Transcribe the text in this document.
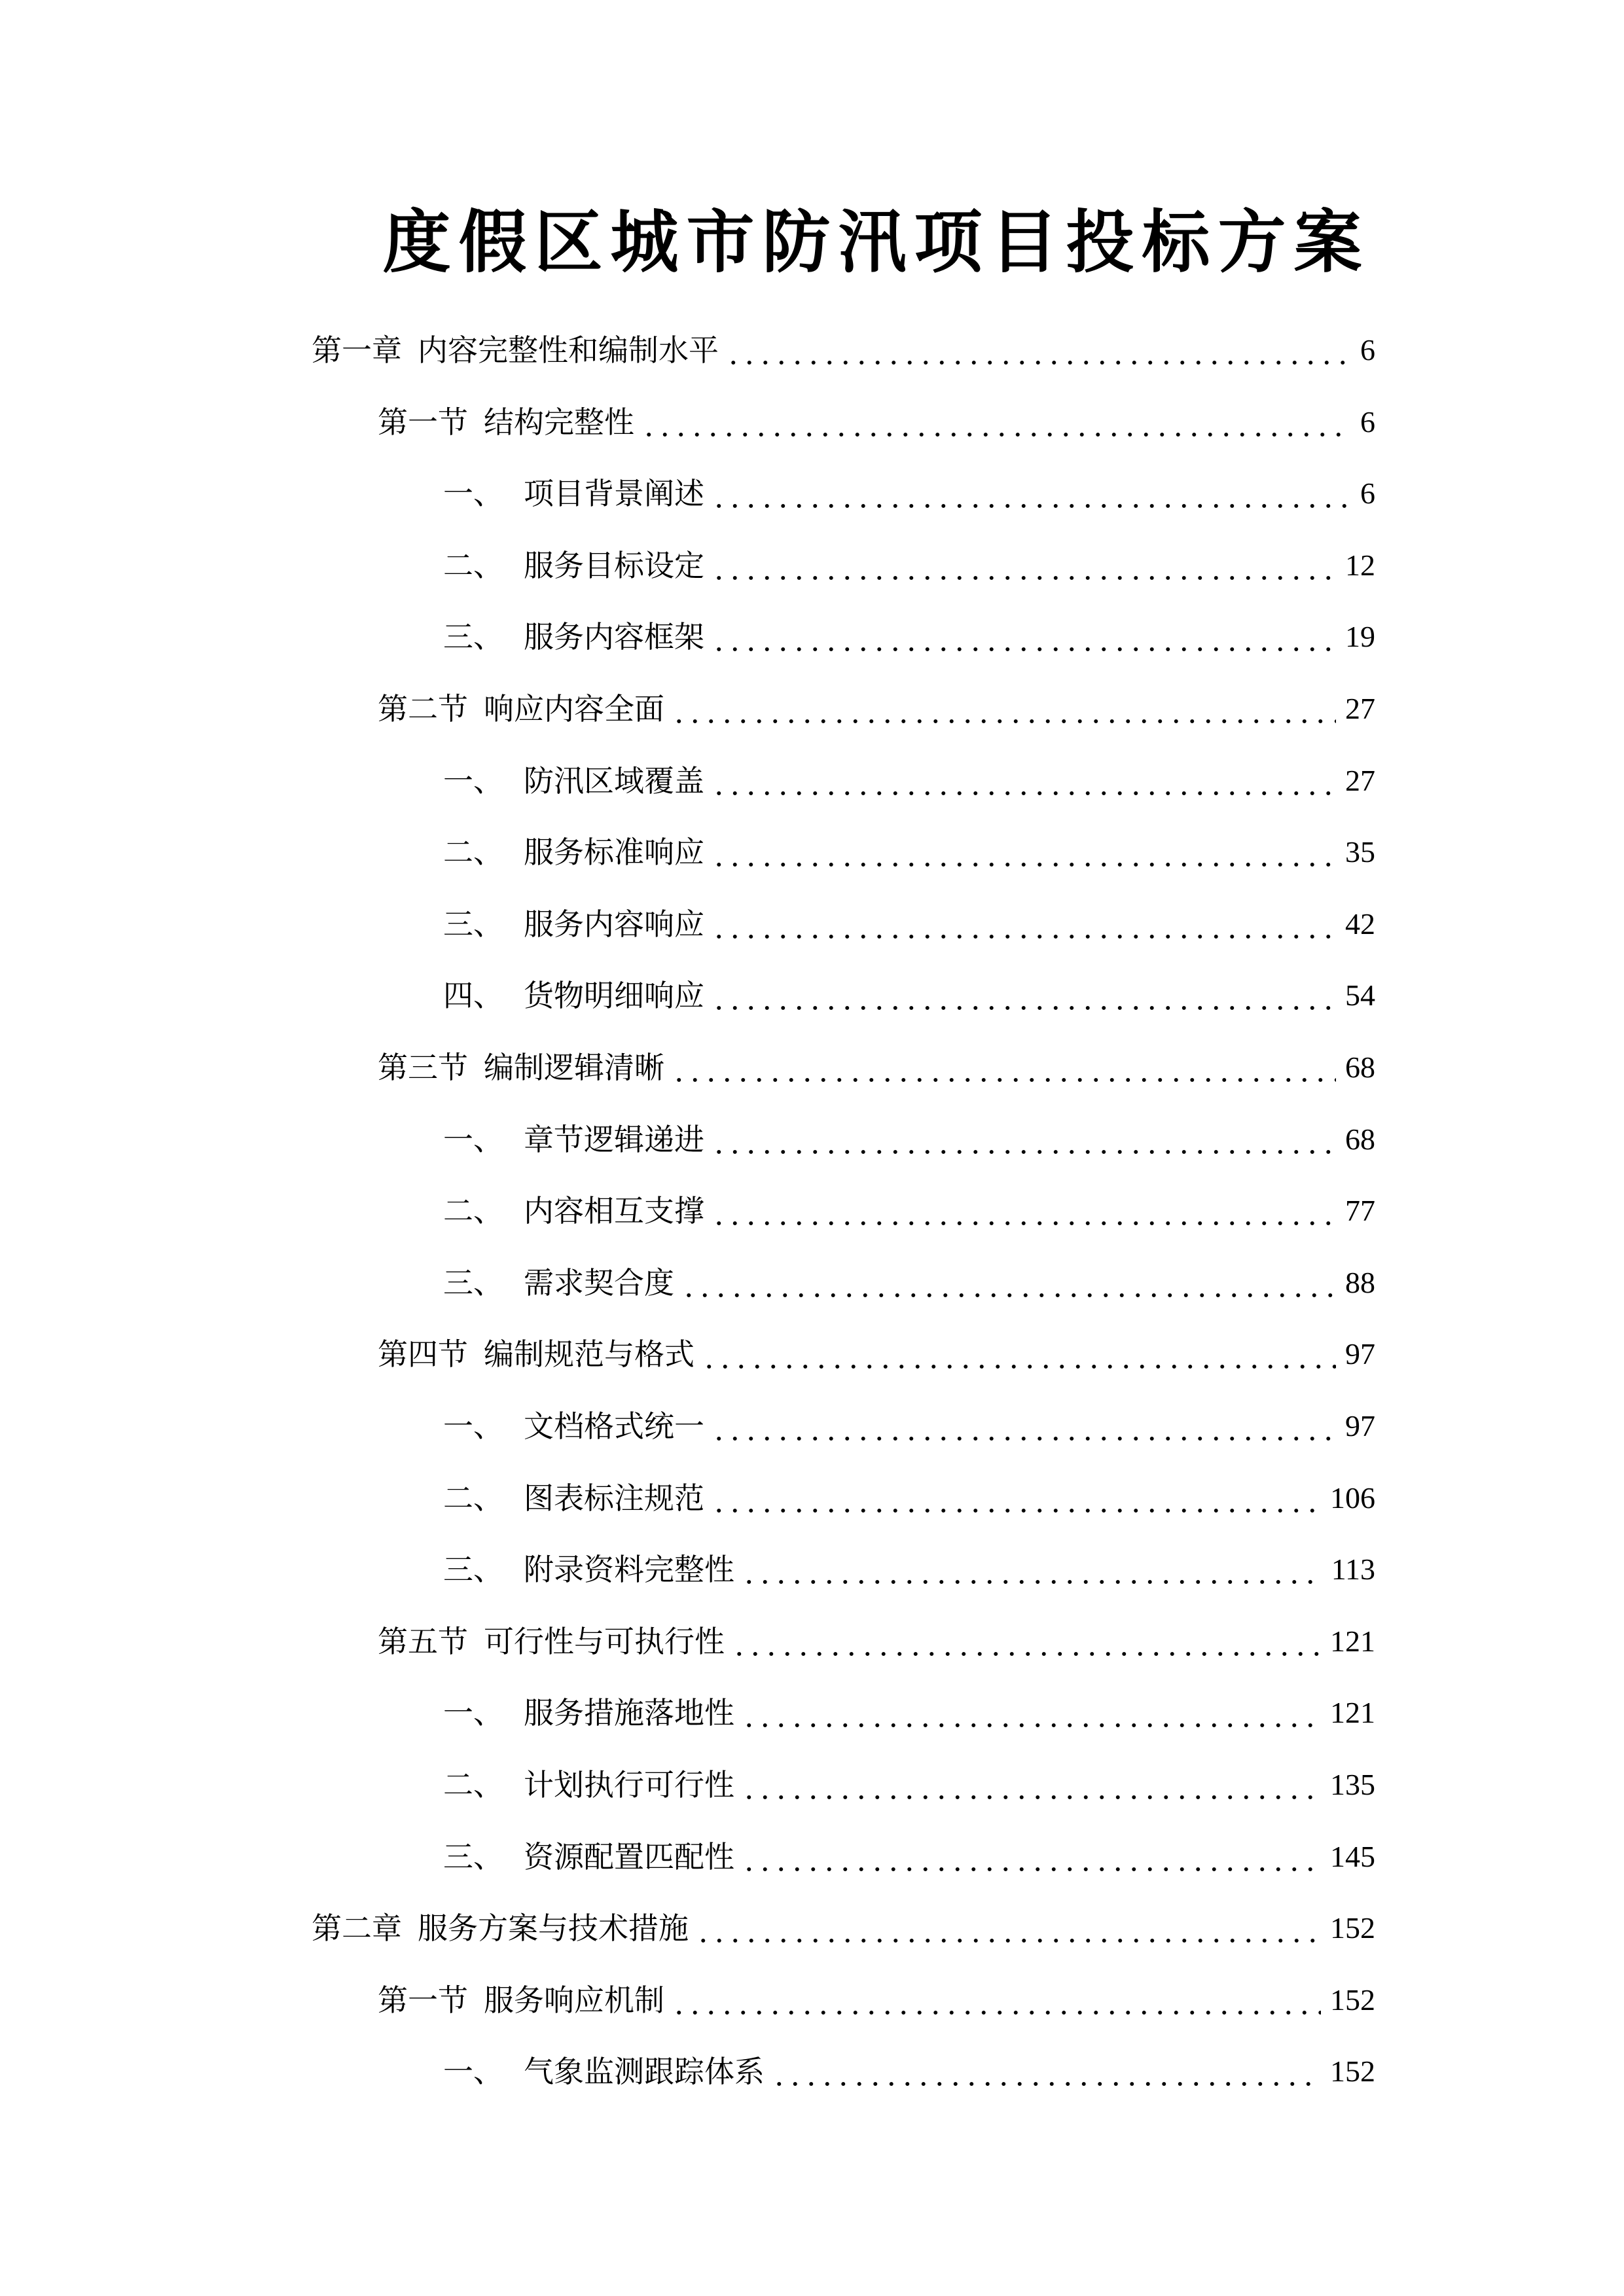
度假区城市防汛项目投标方案
第一章 内容完整性和编制水平	6
第一节 结构完整性	6
一、 项目背景阐述	6
二、 服务目标设定	12
三、 服务内容框架	19
第二节 响应内容全面	27
一、 防汛区域覆盖	27
二、 服务标准响应	35
三、 服务内容响应	42
四、 货物明细响应	54
第三节 编制逻辑清晰	68
一、 章节逻辑递进	68
二、 内容相互支撑	77
三、 需求契合度	88
第四节 编制规范与格式	97
一、 文档格式统一	97
二、 图表标注规范	106
三、 附录资料完整性	113
第五节 可行性与可执行性	121
一、 服务措施落地性	121
二、 计划执行可行性	135
三、 资源配置匹配性	145
第二章 服务方案与技术措施	152
第一节 服务响应机制	152
一、 气象监测跟踪体系	152
